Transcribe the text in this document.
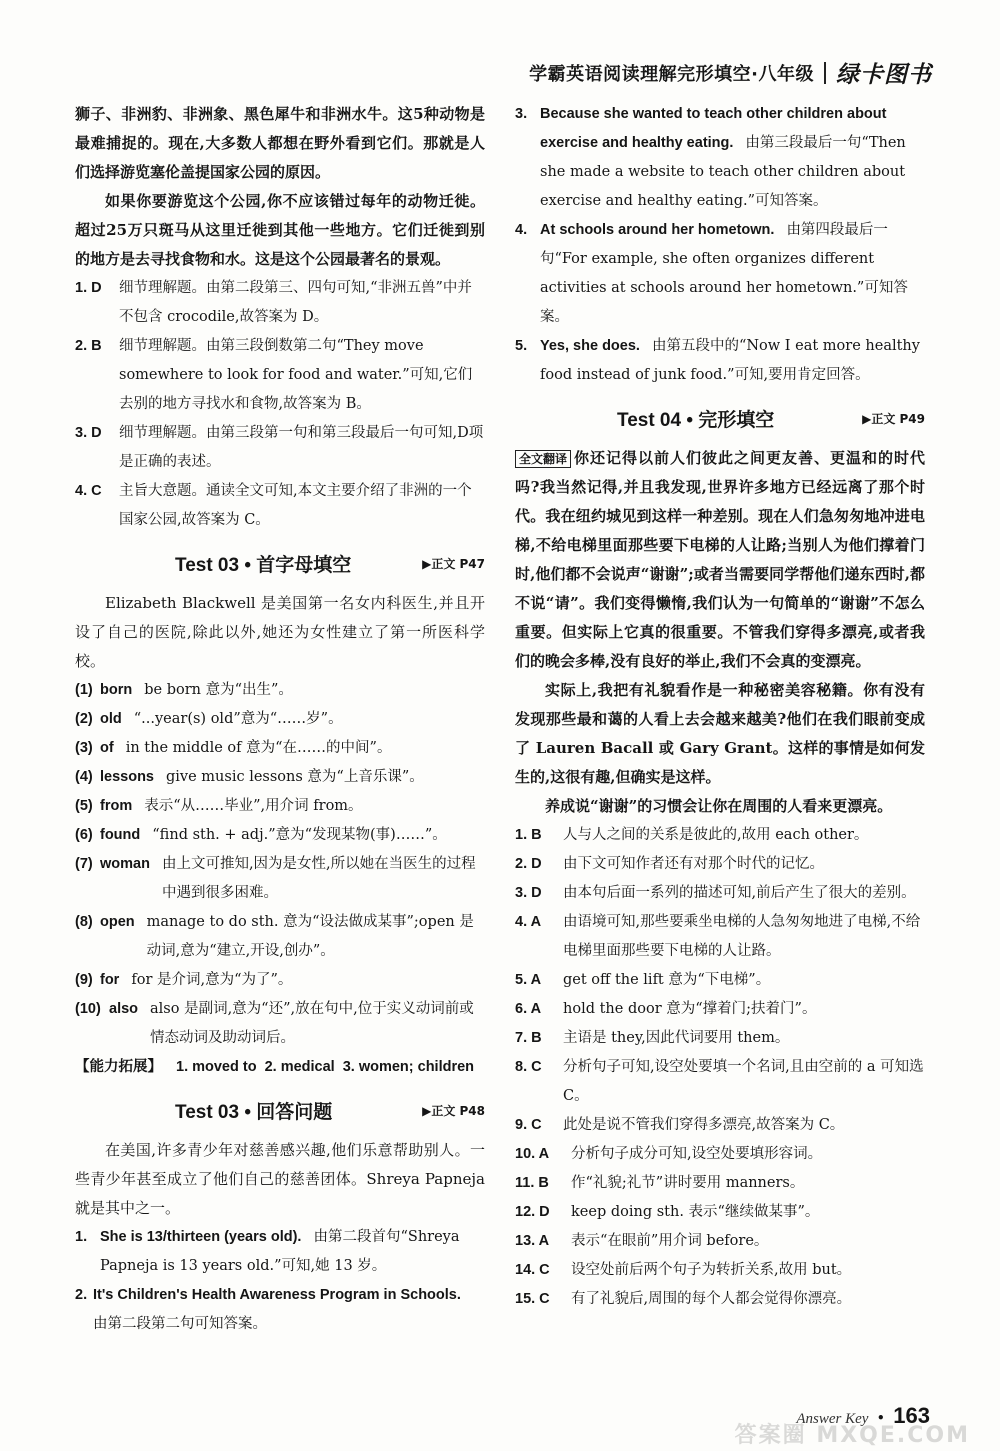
学霸英语阅读理解完形填空·八年级 绿卡图书

狮子、非洲豹、非洲象、黑色犀牛和非洲水牛。这5种动物是最难捕捉的。现在,大多数人都想在野外看到它们。那就是人们选择游览塞伦盖提国家公园的原因。

如果你要游览这个公园,你不应该错过每年的动物迁徙。超过25万只斑马从这里迁徙到其他一些地方。它们迁徙到别的地方是去寻找食物和水。这是这个公园最著名的景观。

1. D	细节理解题。由第二段第三、四句可知,“非洲五兽”中并不包含 crocodile,故答案为 D。
2. B	细节理解题。由第三段倒数第二句“They move somewhere to look for food and water.”可知,它们去别的地方寻找水和食物,故答案为 B。
3. D	细节理解题。由第三段第一句和第三段最后一句可知,D项是正确的表述。
4. C	主旨大意题。通读全文可知,本文主要介绍了非洲的一个国家公园,故答案为 C。
Test 03 • 首字母填空	▶正文 P47

Elizabeth Blackwell 是美国第一名女内科医生,并且开设了自己的医院,除此以外,她还为女性建立了第一所医科学校。

(1) born be born 意为“出生”。
(2) old “...year(s) old”意为“……岁”。
(3) of in the middle of 意为“在……的中间”。
(4) lessons give music lessons 意为“上音乐课”。
(5) from 表示“从……毕业”,用介词 from。
(6) found “find sth. + adj.”意为“发现某物(事)……”。
(7) woman 由上文可推知,因为是女性,所以她在当医生的过程中遇到很多困难。
(8) open manage to do sth. 意为“设法做成某事”;open 是动词,意为“建立,开设,创办”。
(9) for for 是介词,意为“为了”。
(10) also also 是副词,意为“还”,放在句中,位于实义动词前或情态动词及助动词后。
【能力拓展】 1. moved to 2. medical 3. women; children
Test 03 • 回答问题	▶正文 P48

在美国,许多青少年对慈善感兴趣,他们乐意帮助别人。一些青少年甚至成立了他们自己的慈善团体。Shreya Papneja 就是其中之一。

1. She is 13/thirteen (years old). 由第二段首句“Shreya Papneja is 13 years old.”可知,她 13 岁。
2. It's Children's Health Awareness Program in Schools.由第二段第二句可知答案。
3. Because she wanted to teach other children about exercise and healthy eating. 由第三段最后一句“Then she made a website to teach other children about exercise and healthy eating.”可知答案。
4. At schools around her hometown. 由第四段最后一句“For example, she often organizes different activities at schools around her hometown.”可知答案。
5. Yes, she does. 由第五段中的“Now I eat more healthy food instead of junk food.”可知,要用肯定回答。
Test 04 • 完形填空	▶正文 P49

全文翻译 你还记得以前人们彼此之间更友善、更温和的时代吗?我当然记得,并且我发现,世界许多地方已经远离了那个时代。我在纽约城见到这样一种差别。现在人们急匆匆地冲进电梯,不给电梯里面那些要下电梯的人让路;当别人为他们撑着门时,他们都不会说声“谢谢”;或者当需要同学帮他们递东西时,都不说“请”。我们变得懒惰,我们认为一句简单的“谢谢”不怎么重要。但实际上它真的很重要。不管我们穿得多漂亮,或者我们的晚会多棒,没有良好的举止,我们不会真的变漂亮。

实际上,我把有礼貌看作是一种秘密美容秘籍。你有没有发现那些最和蔼的人看上去会越来越美?他们在我们眼前变成了 Lauren Bacall 或 Gary Grant。这样的事情是如何发生的,这很有趣,但确实是这样。

养成说“谢谢”的习惯会让你在周围的人看来更漂亮。

1. B	人与人之间的关系是彼此的,故用 each other。
2. D	由下文可知作者还有对那个时代的记忆。
3. D	由本句后面一系列的描述可知,前后产生了很大的差别。
4. A	由语境可知,那些要乘坐电梯的人急匆匆地进了电梯,不给电梯里面那些要下电梯的人让路。
5. A	get off the lift 意为“下电梯”。
6. A	hold the door 意为“撑着门;扶着门”。
7. B	主语是 they,因此代词要用 them。
8. C	分析句子可知,设空处要填一个名词,且由空前的 a 可知选 C。
9. C	此处是说不管我们穿得多漂亮,故答案为 C。
10. A	分析句子成分可知,设空处要填形容词。
11. B	作“礼貌;礼节”讲时要用 manners。
12. D	keep doing sth. 表示“继续做某事”。
13. A	表示“在眼前”用介词 before。
14. C	设空处前后两个句子为转折关系,故用 but。
15. C	有了礼貌后,周围的每个人都会觉得你漂亮。
答案圈 MXQE.COM
Answer Key • 163
